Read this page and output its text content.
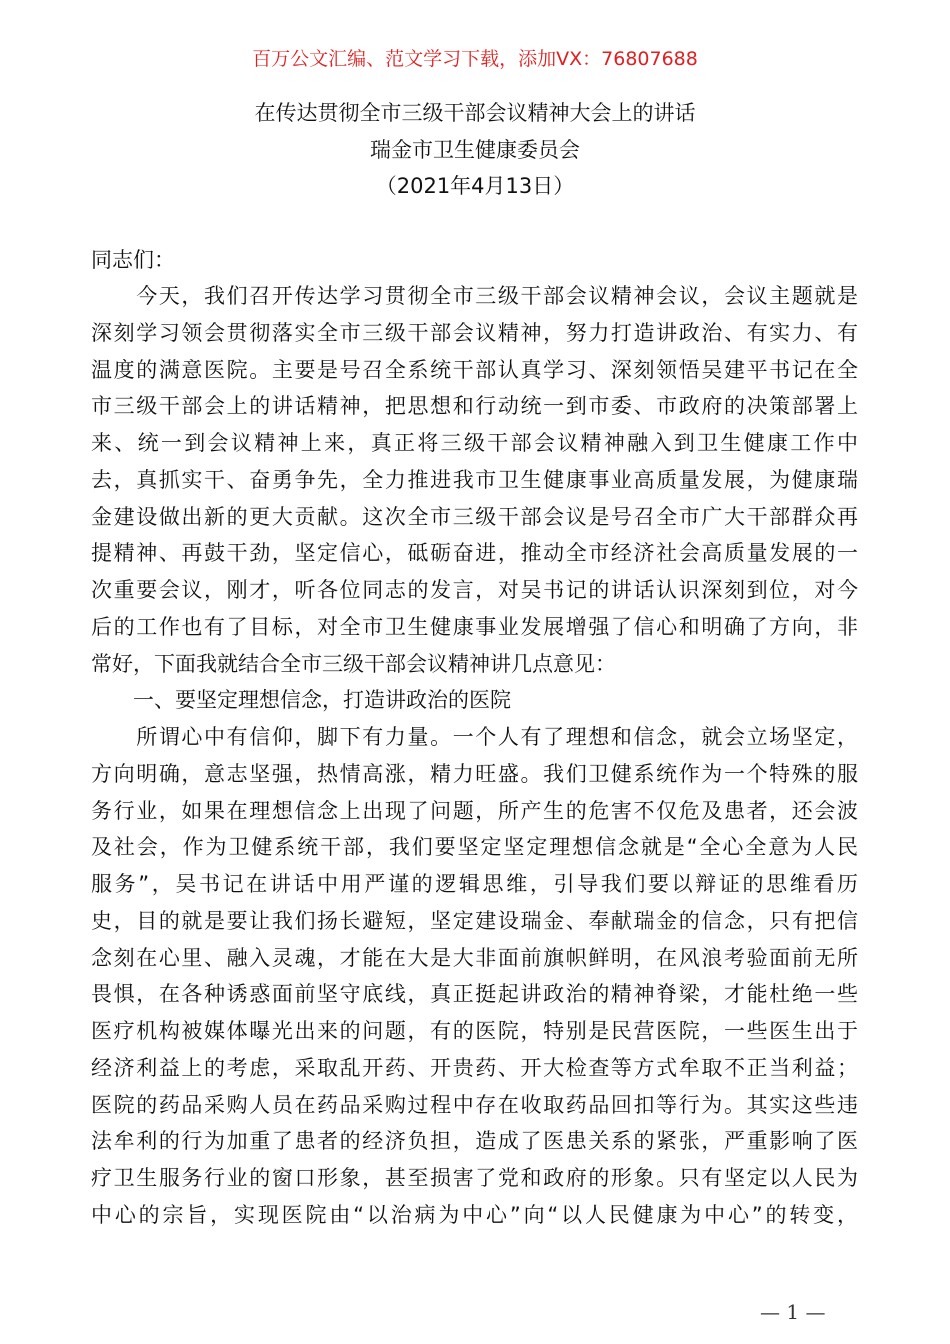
百万公文汇编、范文学习下载，添加VX：76807688
在传达贯彻全市三级干部会议精神大会上的讲话
瑞金市卫生健康委员会
（2021年4月13日）
同志们：
　　今天，我们召开传达学习贯彻全市三级干部会议精神会议，会议主题就是
深刻学习领会贯彻落实全市三级干部会议精神，努力打造讲政治、有实力、有
温度的满意医院。主要是号召全系统干部认真学习、深刻领悟吴建平书记在全
市三级干部会上的讲话精神，把思想和行动统一到市委、市政府的决策部署上
来、统一到会议精神上来，真正将三级干部会议精神融入到卫生健康工作中
去，真抓实干、奋勇争先，全力推进我市卫生健康事业高质量发展，为健康瑞
金建设做出新的更大贡献。这次全市三级干部会议是号召全市广大干部群众再
提精神、再鼓干劲，坚定信心，砥砺奋进，推动全市经济社会高质量发展的一
次重要会议，刚才，听各位同志的发言，对吴书记的讲话认识深刻到位，对今
后的工作也有了目标，对全市卫生健康事业发展增强了信心和明确了方向，非
常好，下面我就结合全市三级干部会议精神讲几点意见：
　　一、要坚定理想信念，打造讲政治的医院
　　所谓心中有信仰，脚下有力量。一个人有了理想和信念，就会立场坚定，
方向明确，意志坚强，热情高涨，精力旺盛。我们卫健系统作为一个特殊的服
务行业，如果在理想信念上出现了问题，所产生的危害不仅危及患者，还会波
及社会，作为卫健系统干部，我们要坚定坚定理想信念就是“全心全意为人民
服务”，吴书记在讲话中用严谨的逻辑思维，引导我们要以辩证的思维看历
史，目的就是要让我们扬长避短，坚定建设瑞金、奉献瑞金的信念，只有把信
念刻在心里、融入灵魂，才能在大是大非面前旗帜鲜明，在风浪考验面前无所
畏惧，在各种诱惑面前坚守底线，真正挺起讲政治的精神脊梁，才能杜绝一些
医疗机构被媒体曝光出来的问题，有的医院，特别是民营医院，一些医生出于
经济利益上的考虑，采取乱开药、开贵药、开大检查等方式牟取不正当利益；
医院的药品采购人员在药品采购过程中存在收取药品回扣等行为。其实这些违
法牟利的行为加重了患者的经济负担，造成了医患关系的紧张，严重影响了医
疗卫生服务行业的窗口形象，甚至损害了党和政府的形象。只有坚定以人民为
中心的宗旨，实现医院由“以治病为中心”向“以人民健康为中心”的转变，
— 1 —
